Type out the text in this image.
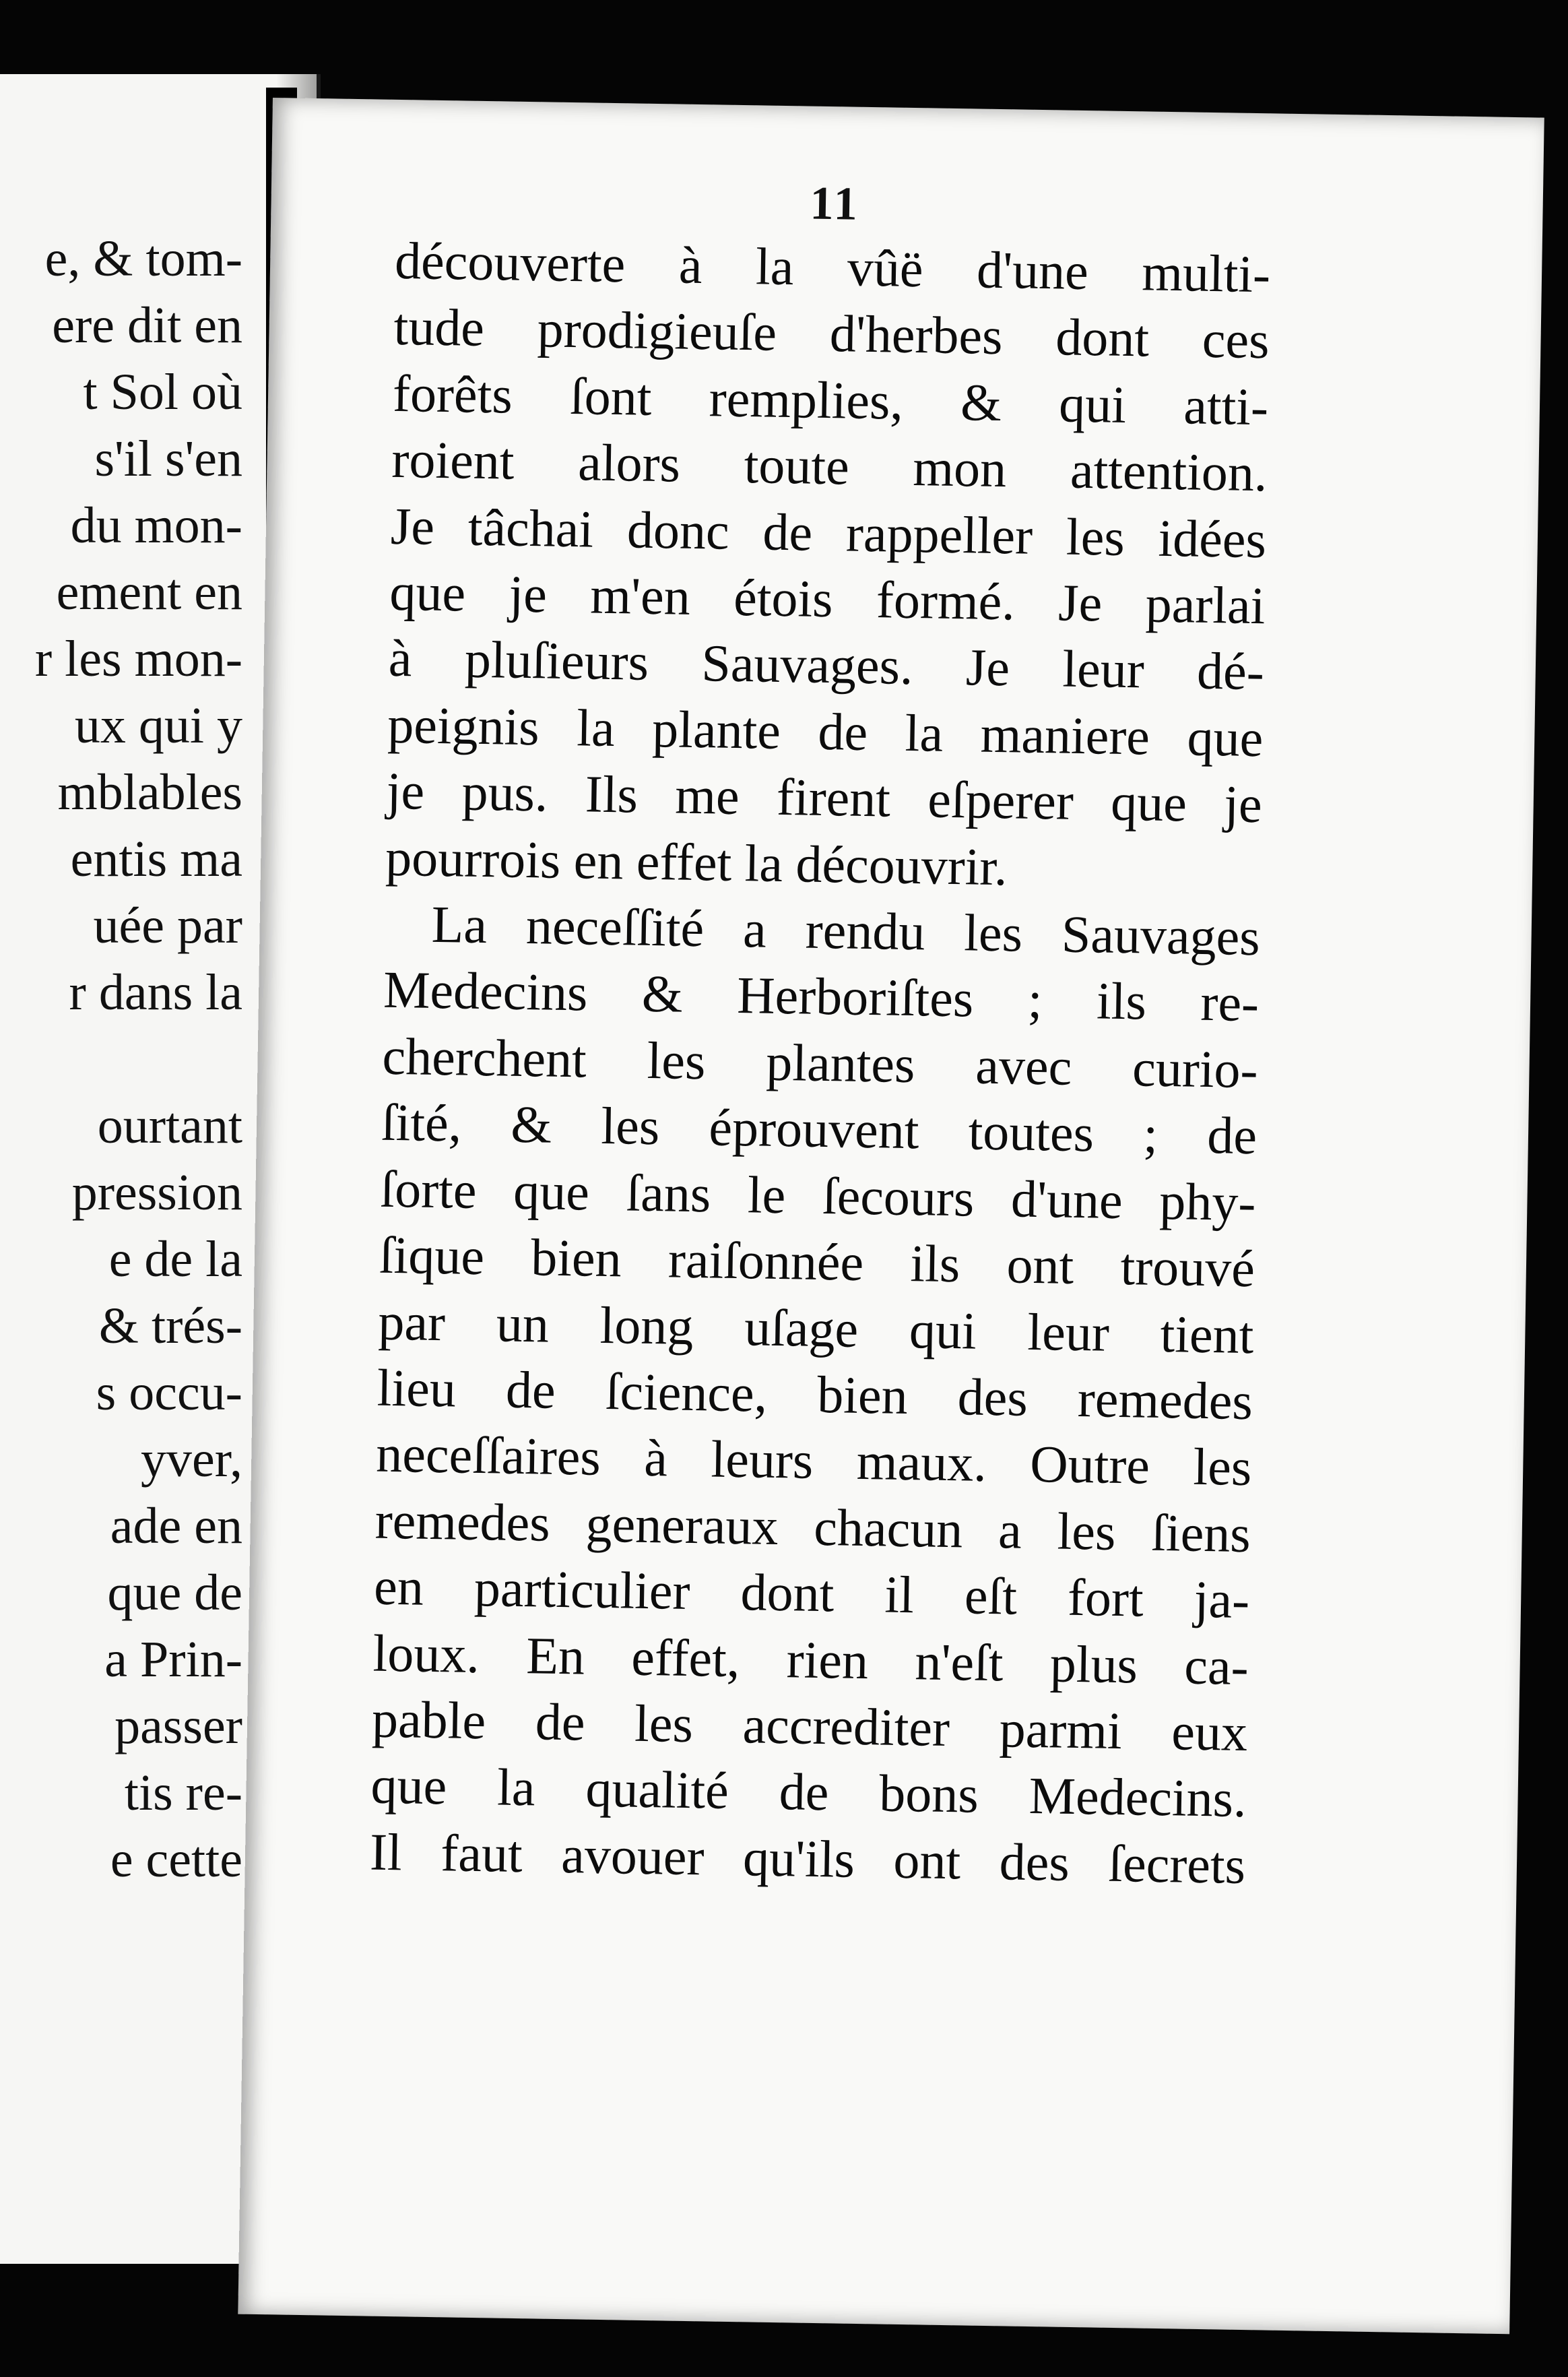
e, & tom-
ere dit en
t Sol où
s'il s'en
du mon-
ement en
r les mon-
ux qui y
mblables
entis ma
uée par
r dans la

ourtant
pression
e de la
& trés-
s occu-
yver,
ade en
que de
a Prin-
passer
tis re-
e cette
11
découverte à la vûë d'une multi-
tude prodigieuſe d'herbes dont ces
forêts ſont remplies, & qui atti-
roient alors toute mon attention.
Je tâchai donc de rappeller les idées
que je m'en étois formé. Je parlai
à pluſieurs Sauvages. Je leur dé-
peignis la plante de la maniere que
je pus. Ils me firent eſperer que je
pourrois en effet la découvrir.
La neceſſité a rendu les Sauvages
Medecins & Herboriſtes ; ils re-
cherchent les plantes avec curio-
ſité, & les éprouvent toutes ; de
ſorte que ſans le ſecours d'une phy-
ſique bien raiſonnée ils ont trouvé
par un long uſage qui leur tient
lieu de ſcience, bien des remedes
neceſſaires à leurs maux. Outre les
remedes generaux chacun a les ſiens
en particulier dont il eſt fort ja-
loux. En effet, rien n'eſt plus ca-
pable de les accrediter parmi eux
que la qualité de bons Medecins.
Il faut avouer qu'ils ont des ſecrets
